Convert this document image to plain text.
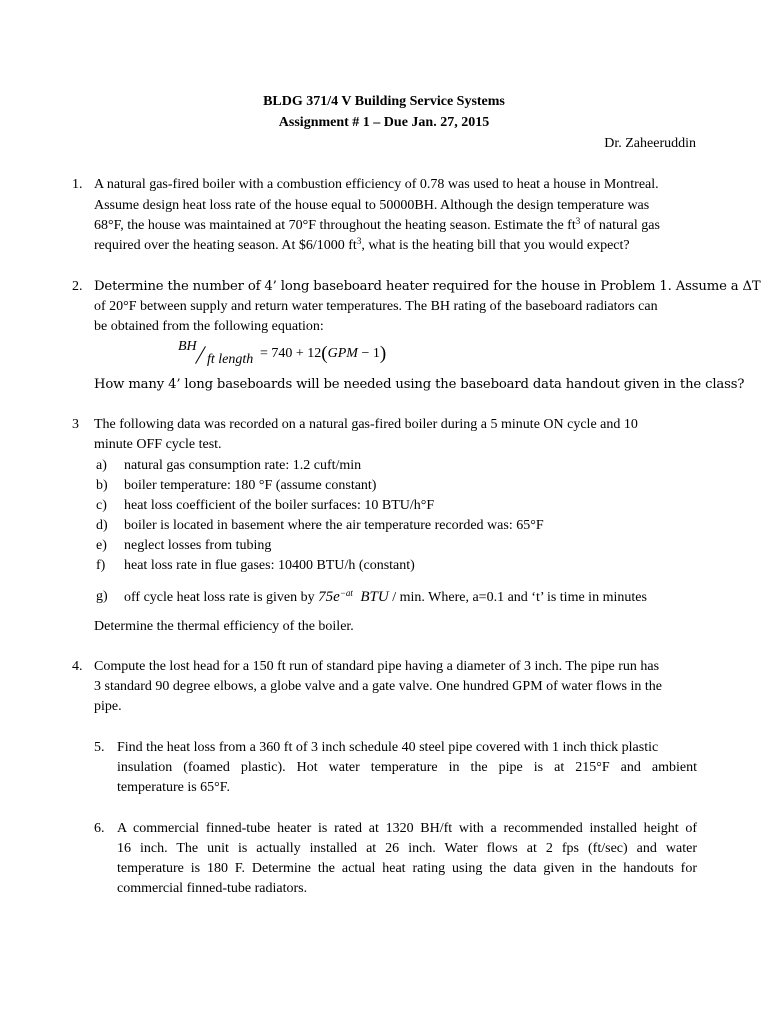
BLDG 371/4 V Building Service Systems
Assignment # 1 – Due Jan. 27, 2015
Dr. Zaheeruddin
1. A natural gas-fired boiler with a combustion efficiency of 0.78 was used to heat a house in Montreal.
Assume design heat loss rate of the house equal to 50000BH. Although the design temperature was
68°F, the house was maintained at 70°F throughout the heating season. Estimate the $ft^3$ of natural gas
required over the heating season. At $6/1000 $ft^3$, what is the heating bill that you would expect?
2. Determine the number of 4’ long baseboard heater required for the house in Problem 1. Assume a ΔT
of 20°F between supply and return water temperatures. The BH rating of the baseboard radiators can
be obtained from the following equation:
BH
ft length = 740 + 12(GPM − 1)
How many 4’ long baseboards will be needed using the baseboard data handout given in the class?
3 The following data was recorded on a natural gas-fired boiler during a 5 minute ON cycle and 10
minute OFF cycle test.
a) natural gas consumption rate: 1.2 cuft/min
b) boiler temperature: 180 °F (assume constant)
c) heat loss coefficient of the boiler surfaces: 10 BTU/h°F
d) boiler is located in basement where the air temperature recorded was: 65°F
e) neglect losses from tubing
f) heat loss rate in flue gases: 10400 BTU/h (constant)
g) off cycle heat loss rate is given by $75e^{-at}$  BTU / min. Where, a=0.1 and ‘t’ is time in minutes
Determine the thermal efficiency of the boiler.
4. Compute the lost head for a 150 ft run of standard pipe having a diameter of 3 inch. The pipe run has
3 standard 90 degree elbows, a globe valve and a gate valve. One hundred GPM of water flows in the
pipe.
5. Find the heat loss from a 360 ft of 3 inch schedule 40 steel pipe covered with 1 inch thick plastic
insulation (foamed plastic). Hot water temperature in the pipe is at 215°F and ambient
temperature is 65°F.
6. A commercial finned-tube heater is rated at 1320 BH/ft with a recommended installed height of
16 inch. The unit is actually installed at 26 inch. Water flows at 2 fps (ft/sec) and water
temperature is 180 F. Determine the actual heat rating using the data given in the handouts for
commercial finned-tube radiators.
